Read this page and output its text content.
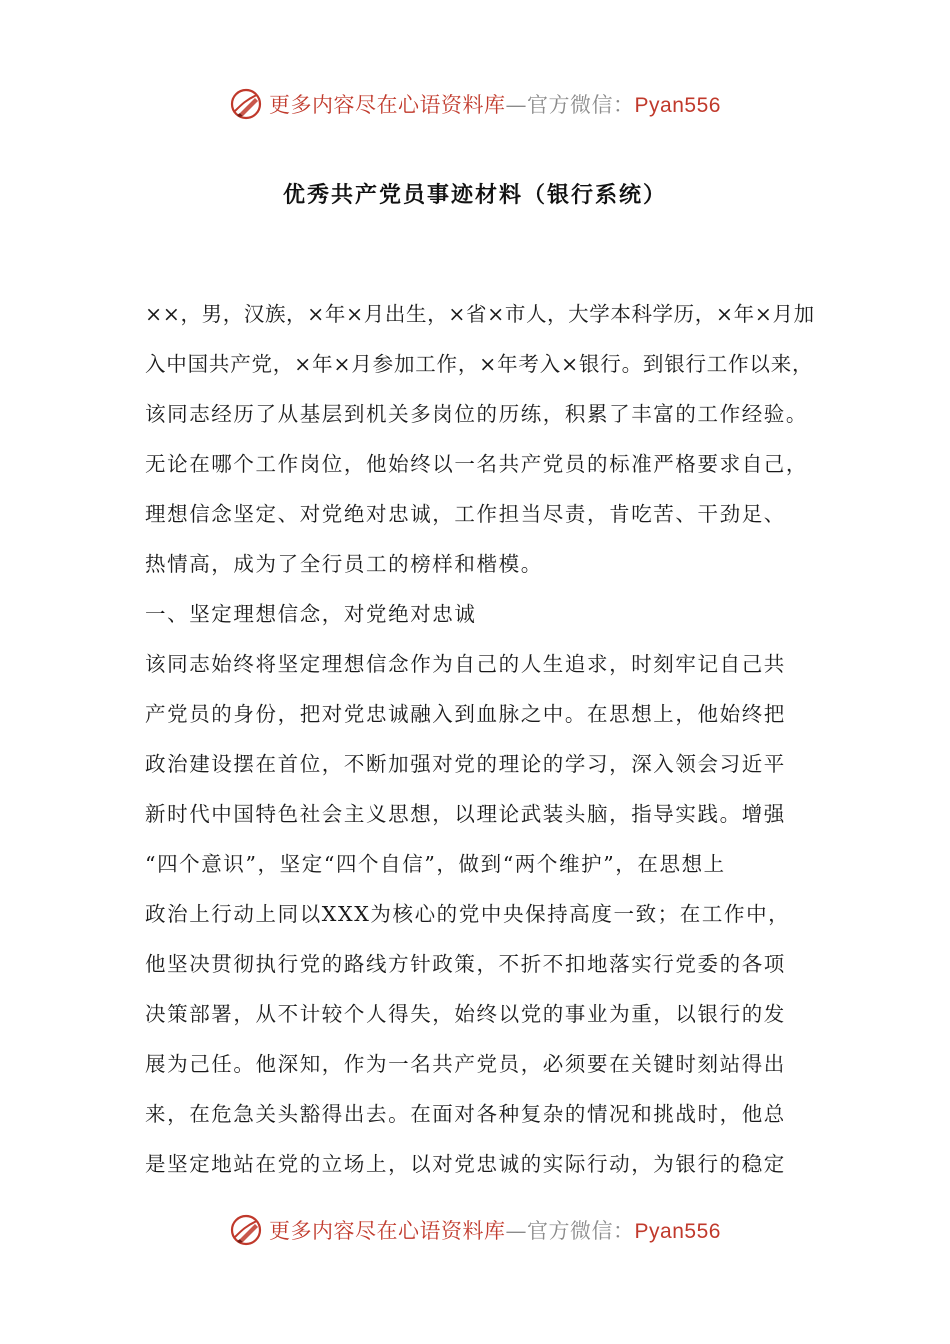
更多内容尽在心语资料库—官方微信：Pyan556
优秀共产党员事迹材料（银行系统）
××，男，汉族，×年×月出生，×省×市人，大学本科学历，×年×月加
入中国共产党，×年×月参加工作，×年考入×银行。到银行工作以来，
该同志经历了从基层到机关多岗位的历练，积累了丰富的工作经验。
无论在哪个工作岗位，他始终以一名共产党员的标准严格要求自己，
理想信念坚定、对党绝对忠诚，工作担当尽责，肯吃苦、干劲足、
热情高，成为了全行员工的榜样和楷模。
一、坚定理想信念，对党绝对忠诚
该同志始终将坚定理想信念作为自己的人生追求，时刻牢记自己共
产党员的身份，把对党忠诚融入到血脉之中。在思想上，他始终把
政治建设摆在首位，不断加强对党的理论的学习，深入领会习近平
新时代中国特色社会主义思想，以理论武装头脑，指导实践。增强
“四个意识”，坚定“四个自信”，做到“两个维护”，在思想上
政治上行动上同以XXX为核心的党中央保持高度一致；在工作中，
他坚决贯彻执行党的路线方针政策，不折不扣地落实行党委的各项
决策部署，从不计较个人得失，始终以党的事业为重，以银行的发
展为己任。他深知，作为一名共产党员，必须要在关键时刻站得出
来，在危急关头豁得出去。在面对各种复杂的情况和挑战时，他总
是坚定地站在党的立场上，以对党忠诚的实际行动，为银行的稳定
更多内容尽在心语资料库—官方微信：Pyan556
